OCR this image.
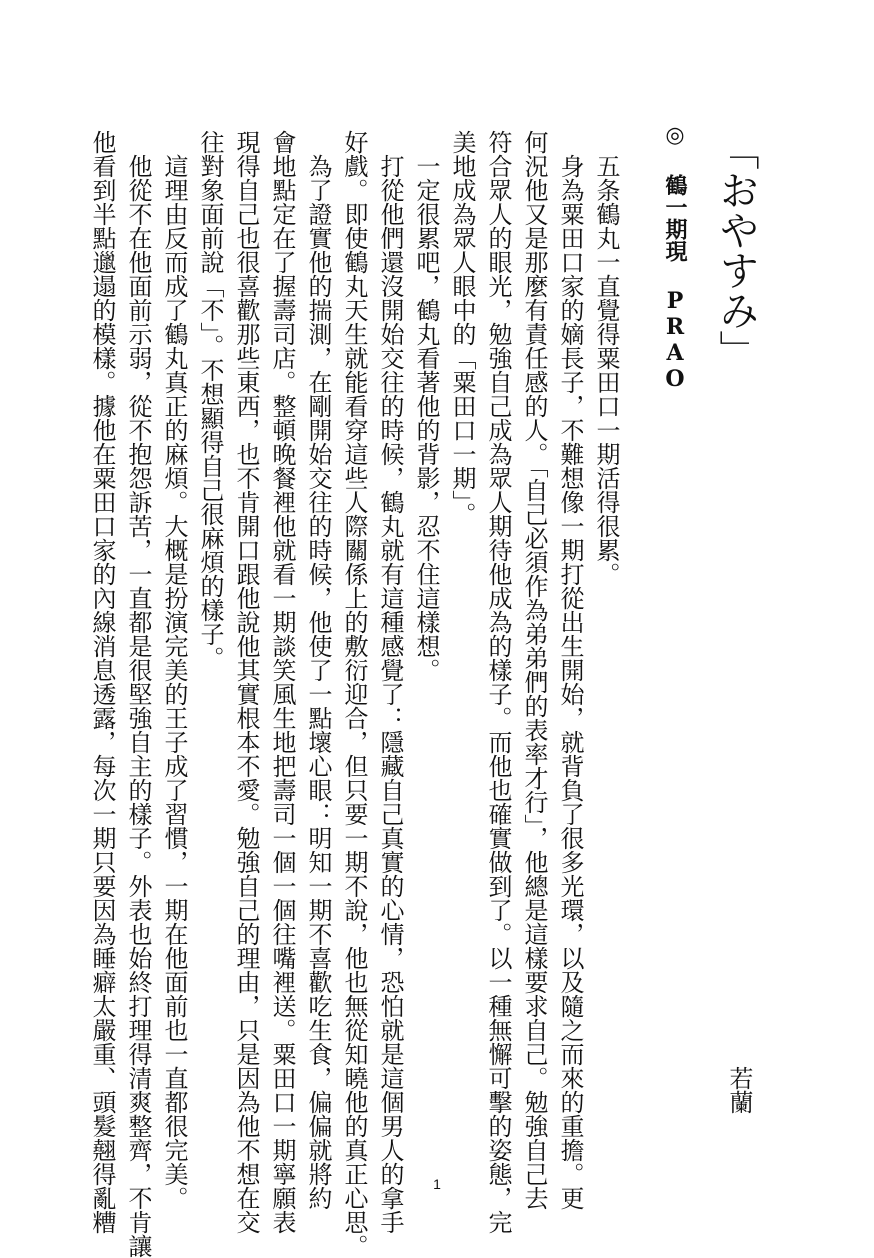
「おやすみ」
◎ 鶴一期現 PRAO
若蘭
　五条鶴丸一直覺得粟田口一期活得很累。
　身為粟田口家的嫡長子，不難想像一期打從出生開始，就背負了很多光環，以及隨之而來的重擔。更
何況他又是那麼有責任感的人。「自己必須作為弟弟們的表率才行」，他總是這樣要求自己。勉強自己去
符合眾人的眼光，勉強自己成為眾人期待他成為的樣子。而他也確實做到了。以一種無懈可擊的姿態，完
美地成為眾人眼中的「粟田口一期」。
　一定很累吧，鶴丸看著他的背影，忍不住這樣想。
　打從他們還沒開始交往的時候，鶴丸就有這種感覺了：隱藏自己真實的心情，恐怕就是這個男人的拿手
好戲。即使鶴丸天生就能看穿這些人際關係上的敷衍迎合，但只要一期不說，他也無從知曉他的真正心思。
　為了證實他的揣測，在剛開始交往的時候，他使了一點壞心眼：明知一期不喜歡吃生食，偏偏就將約
會地點定在了握壽司店。整頓晚餐裡他就看一期談笑風生地把壽司一個一個往嘴裡送。粟田口一期寧願表
現得自己也很喜歡那些東西，也不肯開口跟他說他其實根本不愛。勉強自己的理由，只是因為他不想在交
往對象面前說「不」。不想顯得自己很麻煩的樣子。
　這理由反而成了鶴丸真正的麻煩。大概是扮演完美的王子成了習慣，一期在他面前也一直都很完美。
　他從不在他面前示弱，從不抱怨訴苦，一直都是很堅強自主的樣子。外表也始終打理得清爽整齊，不肯讓
他看到半點邋遢的模樣。據他在粟田口家的內線消息透露，每次一期只要因為睡癖太嚴重、頭髮翹得亂糟	1
